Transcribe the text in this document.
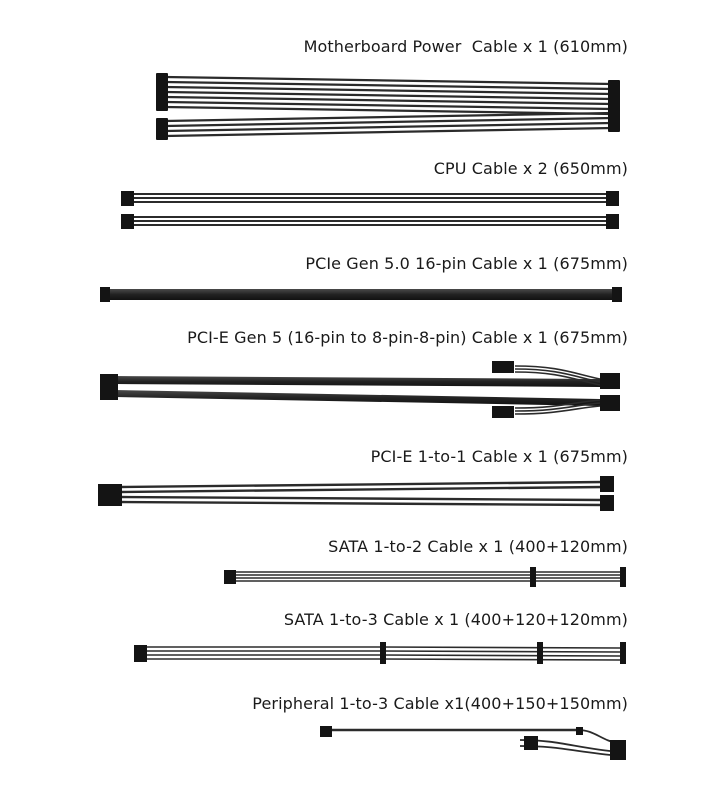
Motherboard Power  Cable x 1 (610mm)
CPU Cable x 2 (650mm)
PCIe Gen 5.0 16-pin Cable x 1 (675mm)
PCI-E Gen 5 (16-pin to 8-pin-8-pin) Cable x 1 (675mm)
PCI-E 1-to-1 Cable x 1 (675mm)
SATA 1-to-2 Cable x 1 (400+120mm)
SATA 1-to-3 Cable x 1 (400+120+120mm)
Peripheral 1-to-3 Cable x1(400+150+150mm)
